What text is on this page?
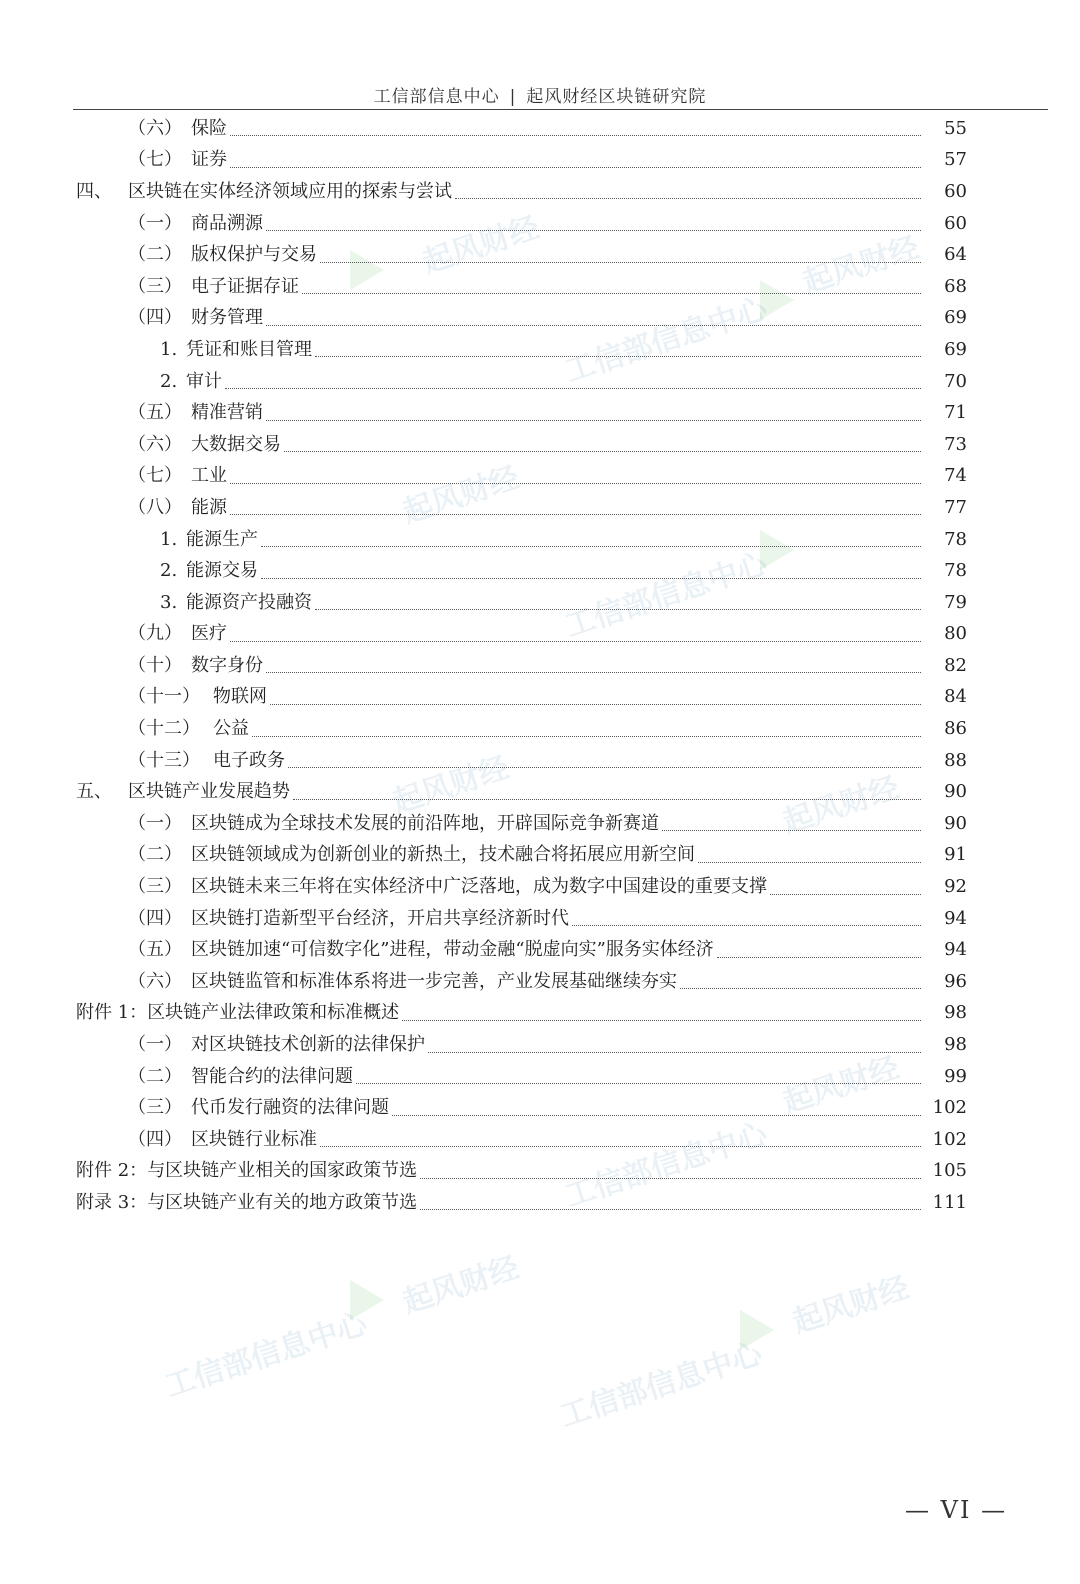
工信部信息中心 | 起风财经区块链研究院
起风财经	起风财经
工信部信息中心
起风财经
工信部信息中心
起风财经	起风财经
起风财经
工信部信息中心
起风财经
工信部信息中心
起风财经
工信部信息中心
（六） 保险	55
（七） 证券	57
四、 区块链在实体经济领域应用的探索与尝试	60
（一） 商品溯源	60
（二） 版权保护与交易	64
（三） 电子证据存证	68
（四） 财务管理	69
1. 凭证和账目管理	69
2. 审计	70
（五） 精准营销	71
（六） 大数据交易	73
（七） 工业	74
（八） 能源	77
1. 能源生产	78
2. 能源交易	78
3. 能源资产投融资	79
（九） 医疗	80
（十） 数字身份	82
（十一） 物联网	84
（十二） 公益	86
（十三） 电子政务	88
五、 区块链产业发展趋势	90
（一） 区块链成为全球技术发展的前沿阵地，开辟国际竞争新赛道	90
（二） 区块链领域成为创新创业的新热土，技术融合将拓展应用新空间	91
（三） 区块链未来三年将在实体经济中广泛落地，成为数字中国建设的重要支撑	92
（四） 区块链打造新型平台经济，开启共享经济新时代	94
（五） 区块链加速“可信数字化”进程，带动金融“脱虚向实”服务实体经济	94
（六） 区块链监管和标准体系将进一步完善，产业发展基础继续夯实	96
附件 1： 区块链产业法律政策和标准概述	98
（一） 对区块链技术创新的法律保护	98
（二） 智能合约的法律问题	99
（三） 代币发行融资的法律问题	102
（四） 区块链行业标准	102
附件 2： 与区块链产业相关的国家政策节选	105
附录 3： 与区块链产业有关的地方政策节选	111
— VI —
